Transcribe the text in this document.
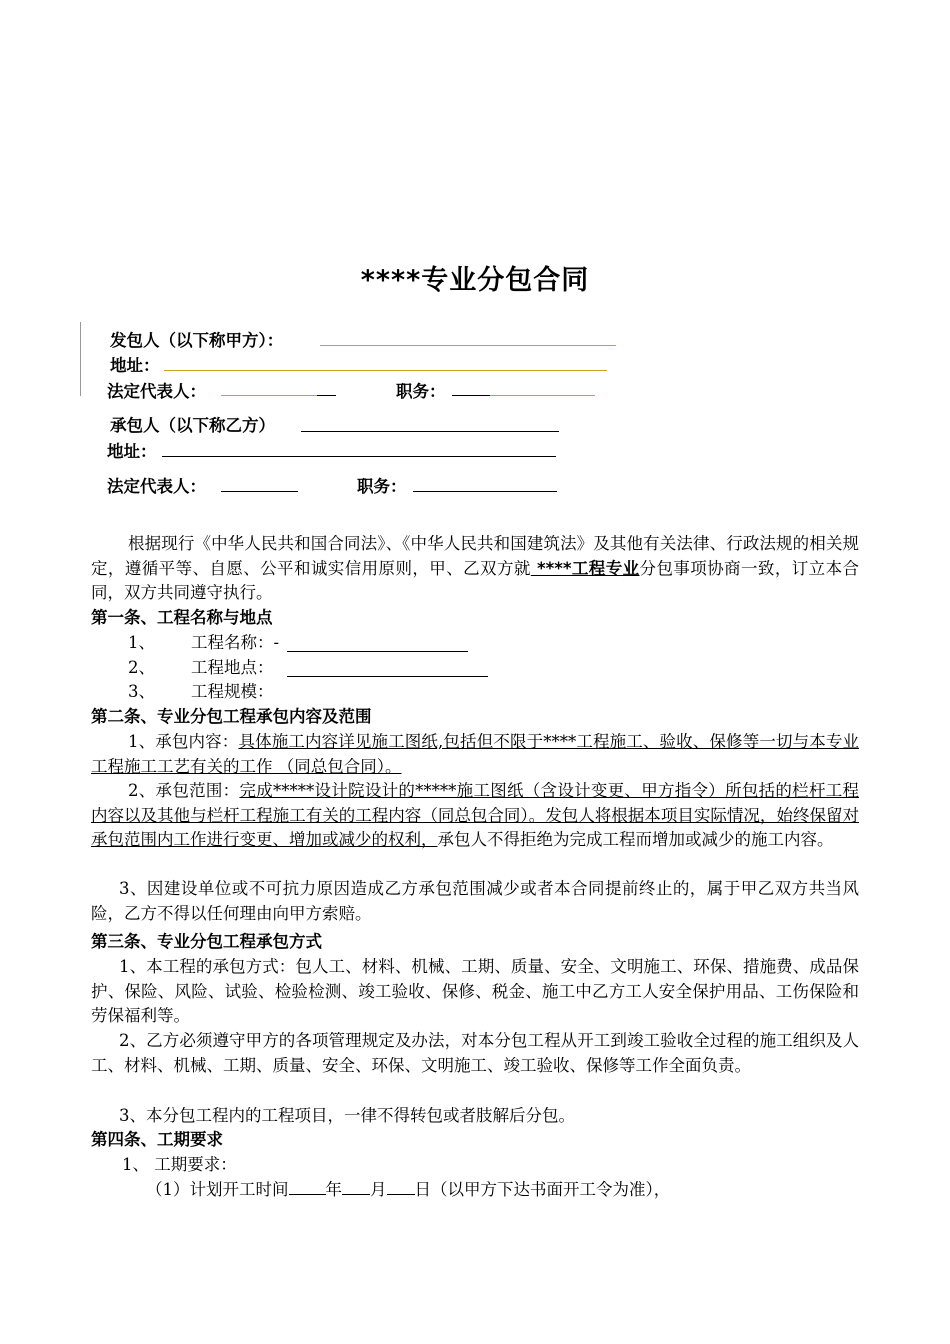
****专业分包合同
发包人（以下称甲方）：
地址：
法定代表人：	职务：
承包人（以下称乙方）
地址：
法定代表人：	职务：
根据现行《中华人民共和国合同法》、《中华人民共和国建筑法》及其他有关法律、行政法规的相关规定，遵循平等、自愿、公平和诚实信用原则，甲、乙双方就 ****工程专业分包事项协商一致，订立本合同，双方共同遵守执行。
第一条、工程名称与地点
1、 工程名称：-
2、 工程地点：
3、 工程规模：
第二条、专业分包工程承包内容及范围
1、承包内容：具体施工内容详见施工图纸,包括但不限于****工程施工、验收、保修等一切与本专业工程施工工艺有关的工作 （同总包合同）。
2、承包范围：完成*****设计院设计的*****施工图纸（含设计变更、甲方指令）所包括的栏杆工程内容以及其他与栏杆工程施工有关的工程内容（同总包合同）。发包人将根据本项目实际情况，始终保留对承包范围内工作进行变更、增加或减少的权利，承包人不得拒绝为完成工程而增加或减少的施工内容。
3、因建设单位或不可抗力原因造成乙方承包范围减少或者本合同提前终止的，属于甲乙双方共当风险，乙方不得以任何理由向甲方索赔。
第三条、专业分包工程承包方式
1、本工程的承包方式：包人工、材料、机械、工期、质量、安全、文明施工、环保、措施费、成品保护、保险、风险、试验、检验检测、竣工验收、保修、税金、施工中乙方工人安全保护用品、工伤保险和劳保福利等。
2、乙方必须遵守甲方的各项管理规定及办法，对本分包工程从开工到竣工验收全过程的施工组织及人工、材料、机械、工期、质量、安全、环保、文明施工、竣工验收、保修等工作全面负责。
3、本分包工程内的工程项目，一律不得转包或者肢解后分包。
第四条、工期要求
1、 工期要求：
（1）计划开工时间 年 月 日（以甲方下达书面开工令为准），
